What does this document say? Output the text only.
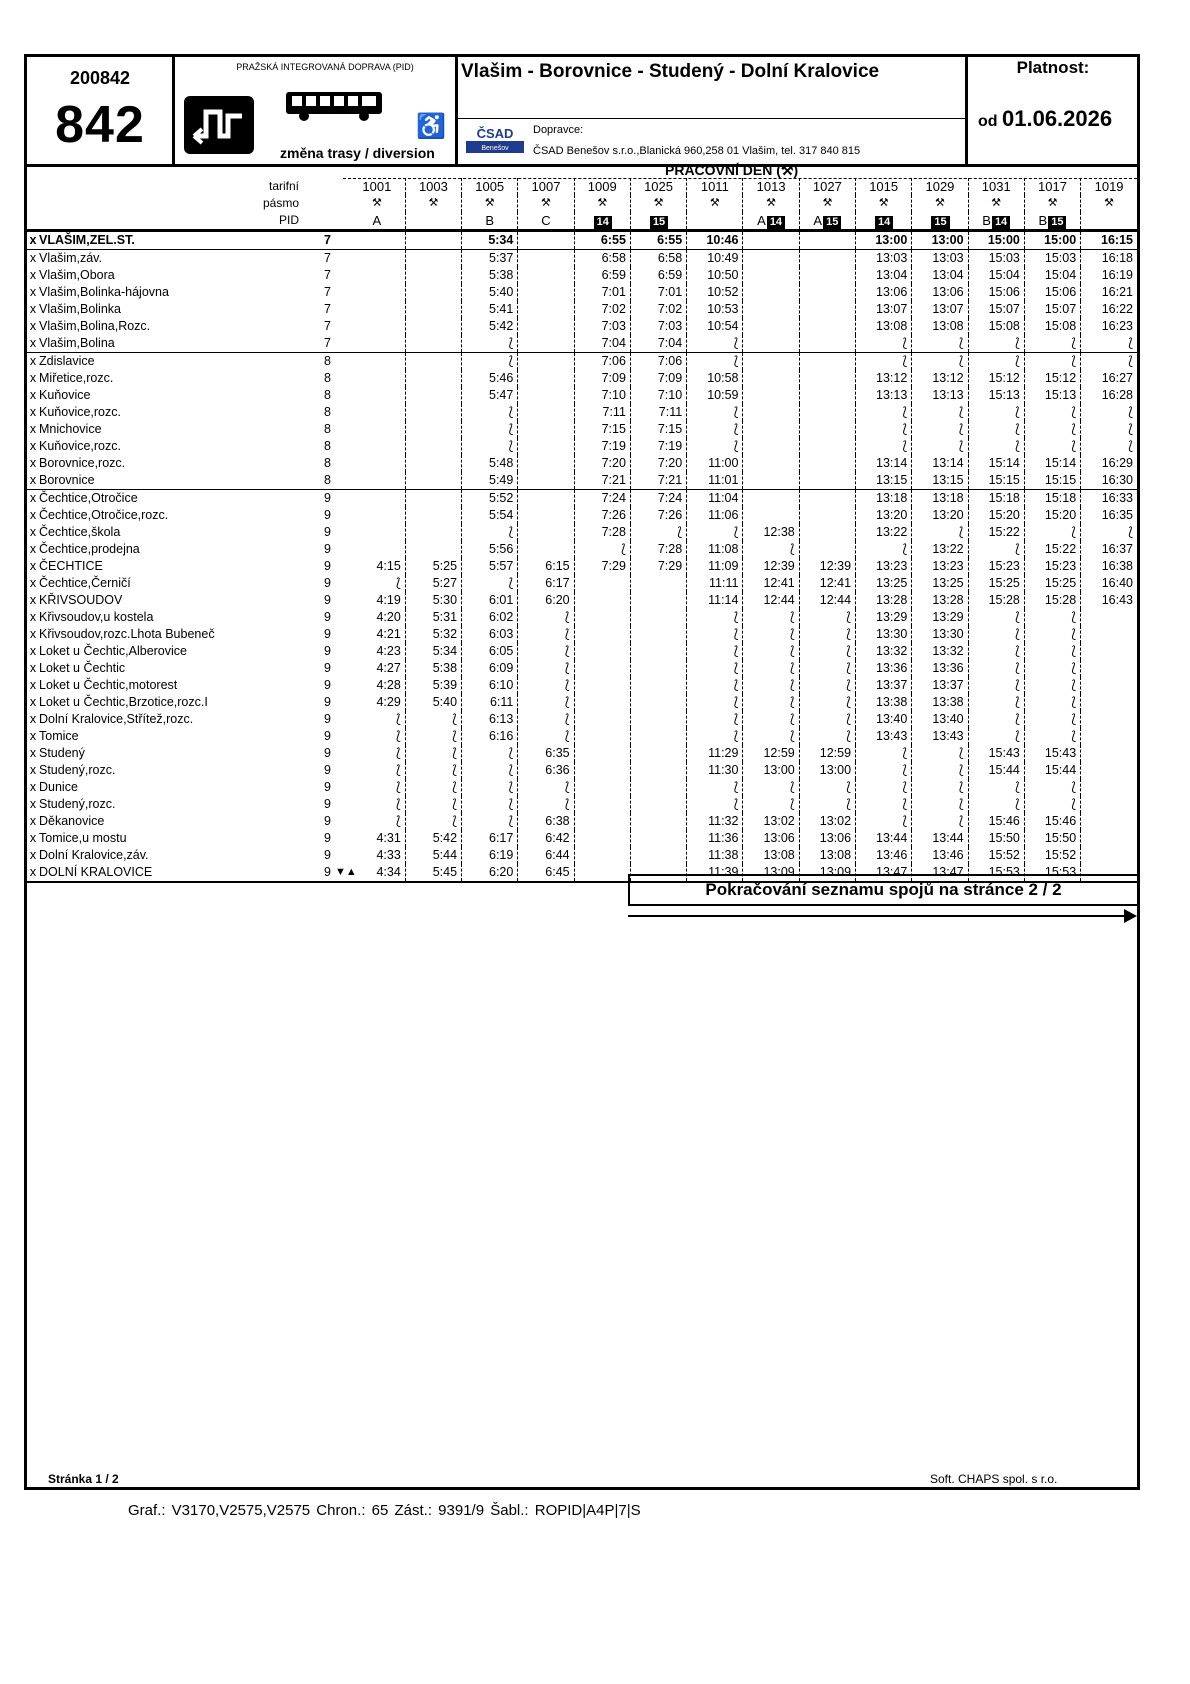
200842
842
PRAŽSKÁ INTEGROVANÁ DOPRAVA (PID)
♿
změna trasy / diversion
Vlašim - Borovnice - Studený - Dolní Kralovice
ČSAD
Benešov
Dopravce:
ČSAD Benešov s.r.o.,Blanická 960,258 01 Vlašim, tel. 317 840 815
Platnost:
od 01.06.2026
PRACOVNÍ DEN (⚒)
	tarifní			1001	1003	1005	1007	1009	1025	1011	1013	1027	1015	1029	1031	1017	1019
	pásmo			⚒	⚒	⚒	⚒	⚒	⚒	⚒	⚒	⚒	⚒	⚒	⚒	⚒	⚒
	PID			A		B	C	14	15		A 14	A 15	14	15	B 14	B 15	
x	VLAŠIM,ZEL.ST.	7				5:34		6:55	6:55	10:46			13:00	13:00	15:00	15:00	16:15
x	Vlašim,záv.	7				5:37		6:58	6:58	10:49			13:03	13:03	15:03	15:03	16:18
x	Vlašim,Obora	7				5:38		6:59	6:59	10:50			13:04	13:04	15:04	15:04	16:19
x	Vlašim,Bolinka-hájovna	7				5:40		7:01	7:01	10:52			13:06	13:06	15:06	15:06	16:21
x	Vlašim,Bolinka	7				5:41		7:02	7:02	10:53			13:07	13:07	15:07	15:07	16:22
x	Vlašim,Bolina,Rozc.	7				5:42		7:03	7:03	10:54			13:08	13:08	15:08	15:08	16:23
x	Vlašim,Bolina	7				⟅		7:04	7:04	⟅			⟅	⟅	⟅	⟅	⟅
x	Zdislavice	8				⟅		7:06	7:06	⟅			⟅	⟅	⟅	⟅	⟅
x	Miřetice,rozc.	8				5:46		7:09	7:09	10:58			13:12	13:12	15:12	15:12	16:27
x	Kuňovice	8				5:47		7:10	7:10	10:59			13:13	13:13	15:13	15:13	16:28
x	Kuňovice,rozc.	8				⟅		7:11	7:11	⟅			⟅	⟅	⟅	⟅	⟅
x	Mnichovice	8				⟅		7:15	7:15	⟅			⟅	⟅	⟅	⟅	⟅
x	Kuňovice,rozc.	8				⟅		7:19	7:19	⟅			⟅	⟅	⟅	⟅	⟅
x	Borovnice,rozc.	8				5:48		7:20	7:20	11:00			13:14	13:14	15:14	15:14	16:29
x	Borovnice	8				5:49		7:21	7:21	11:01			13:15	13:15	15:15	15:15	16:30
x	Čechtice,Otročice	9				5:52		7:24	7:24	11:04			13:18	13:18	15:18	15:18	16:33
x	Čechtice,Otročice,rozc.	9				5:54		7:26	7:26	11:06			13:20	13:20	15:20	15:20	16:35
x	Čechtice,škola	9				⟅		7:28	⟅	⟅	12:38		13:22	⟅	15:22	⟅	⟅
x	Čechtice,prodejna	9				5:56		⟅	7:28	11:08	⟅		⟅	13:22	⟅	15:22	16:37
x	ČECHTICE	9		4:15	5:25	5:57	6:15	7:29	7:29	11:09	12:39	12:39	13:23	13:23	15:23	15:23	16:38
x	Čechtice,Černičí	9		⟅	5:27	⟅	6:17			11:11	12:41	12:41	13:25	13:25	15:25	15:25	16:40
x	KŘIVSOUDOV	9		4:19	5:30	6:01	6:20			11:14	12:44	12:44	13:28	13:28	15:28	15:28	16:43
x	Křivsoudov,u kostela	9		4:20	5:31	6:02	⟅			⟅	⟅	⟅	13:29	13:29	⟅	⟅	
x	Křivsoudov,rozc.Lhota Bubeneč	9		4:21	5:32	6:03	⟅			⟅	⟅	⟅	13:30	13:30	⟅	⟅	
x	Loket u Čechtic,Alberovice	9		4:23	5:34	6:05	⟅			⟅	⟅	⟅	13:32	13:32	⟅	⟅	
x	Loket u Čechtic	9		4:27	5:38	6:09	⟅			⟅	⟅	⟅	13:36	13:36	⟅	⟅	
x	Loket u Čechtic,motorest	9		4:28	5:39	6:10	⟅			⟅	⟅	⟅	13:37	13:37	⟅	⟅	
x	Loket u Čechtic,Brzotice,rozc.I	9		4:29	5:40	6:11	⟅			⟅	⟅	⟅	13:38	13:38	⟅	⟅	
x	Dolní Kralovice,Střítež,rozc.	9		⟅	⟅	6:13	⟅			⟅	⟅	⟅	13:40	13:40	⟅	⟅	
x	Tomice	9		⟅	⟅	6:16	⟅			⟅	⟅	⟅	13:43	13:43	⟅	⟅	
x	Studený	9		⟅	⟅	⟅	6:35			11:29	12:59	12:59	⟅	⟅	15:43	15:43	
x	Studený,rozc.	9		⟅	⟅	⟅	6:36			11:30	13:00	13:00	⟅	⟅	15:44	15:44	
x	Dunice	9		⟅	⟅	⟅	⟅			⟅	⟅	⟅	⟅	⟅	⟅	⟅	
x	Studený,rozc.	9		⟅	⟅	⟅	⟅			⟅	⟅	⟅	⟅	⟅	⟅	⟅	
x	Děkanovice	9		⟅	⟅	⟅	6:38			11:32	13:02	13:02	⟅	⟅	15:46	15:46	
x	Tomice,u mostu	9		4:31	5:42	6:17	6:42			11:36	13:06	13:06	13:44	13:44	15:50	15:50	
x	Dolní Kralovice,záv.	9		4:33	5:44	6:19	6:44			11:38	13:08	13:08	13:46	13:46	15:52	15:52	
x	DOLNÍ KRALOVICE	9	▼▲	4:34	5:45	6:20	6:45			11:39	13:09	13:09	13:47	13:47	15:53	15:53	
Pokračování seznamu spojů na stránce 2 / 2
Stránka 1 / 2	Soft. CHAPS spol. s r.o.
Graf.: V3170,V2575,V2575 Chron.: 65 Zást.: 9391/9 Šabl.: ROPID|A4P|7|S
